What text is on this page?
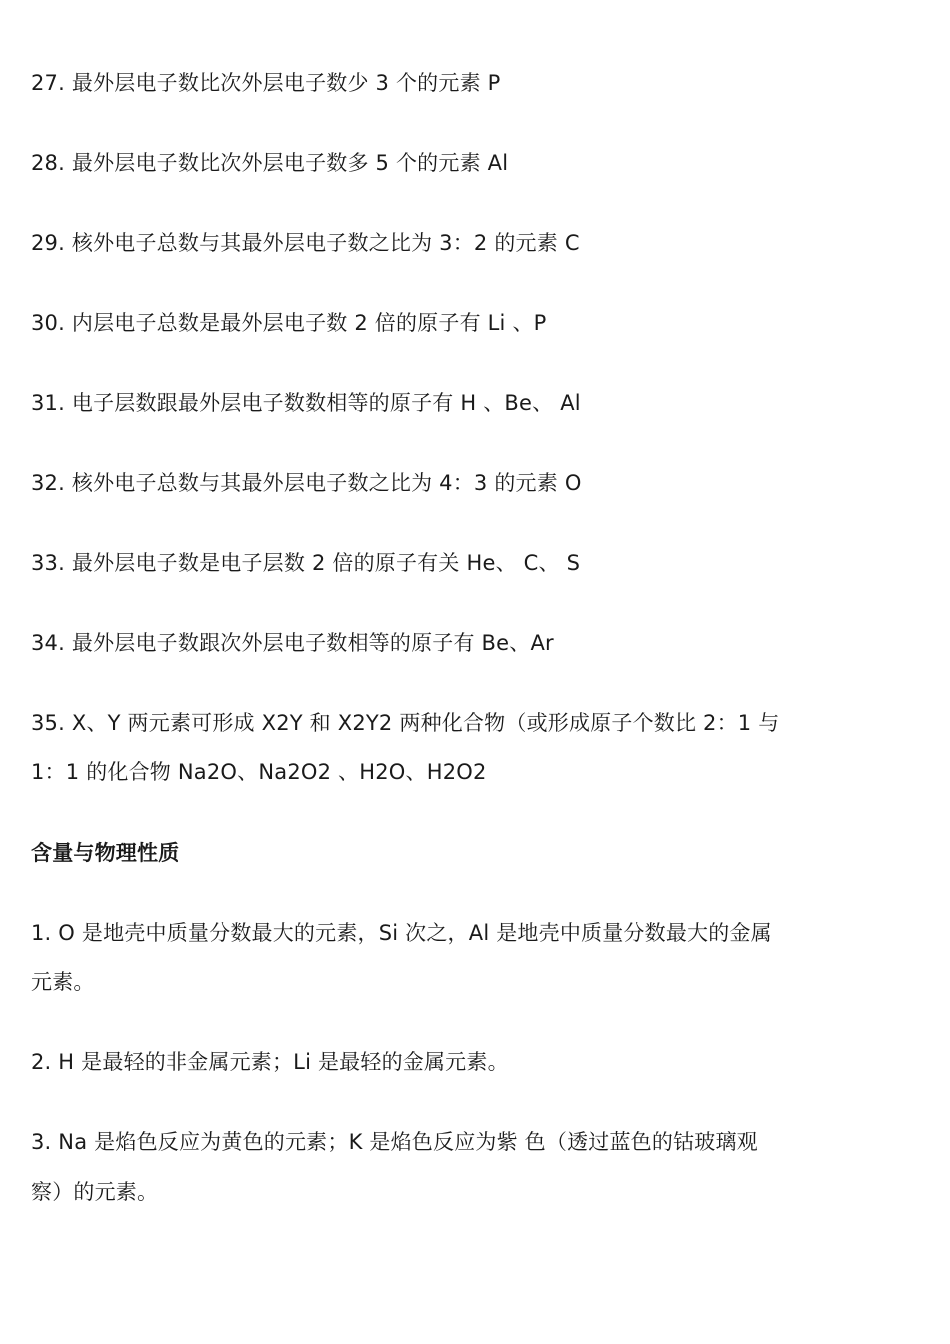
27. 最外层电子数比次外层电子数少 3 个的元素 P
28. 最外层电子数比次外层电子数多 5 个的元素 Al
29. 核外电子总数与其最外层电子数之比为 3：2 的元素 C
30. 内层电子总数是最外层电子数 2 倍的原子有 Li 、P
31. 电子层数跟最外层电子数数相等的原子有 H 、Be、 Al
32. 核外电子总数与其最外层电子数之比为 4：3 的元素 O
33. 最外层电子数是电子层数 2 倍的原子有关 He、 C、 S
34. 最外层电子数跟次外层电子数相等的原子有 Be、Ar
35. X、Y 两元素可形成 X2Y 和 X2Y2 两种化合物（或形成原子个数比 2：1 与
1：1 的化合物 Na2O、Na2O2 、H2O、H2O2
含量与物理性质
1. O 是地壳中质量分数最大的元素，Si 次之，Al 是地壳中质量分数最大的金属
元素。
2. H 是最轻的非金属元素；Li 是最轻的金属元素。
3. Na 是焰色反应为黄色的元素；K 是焰色反应为紫 色（透过蓝色的钴玻璃观
察）的元素。
